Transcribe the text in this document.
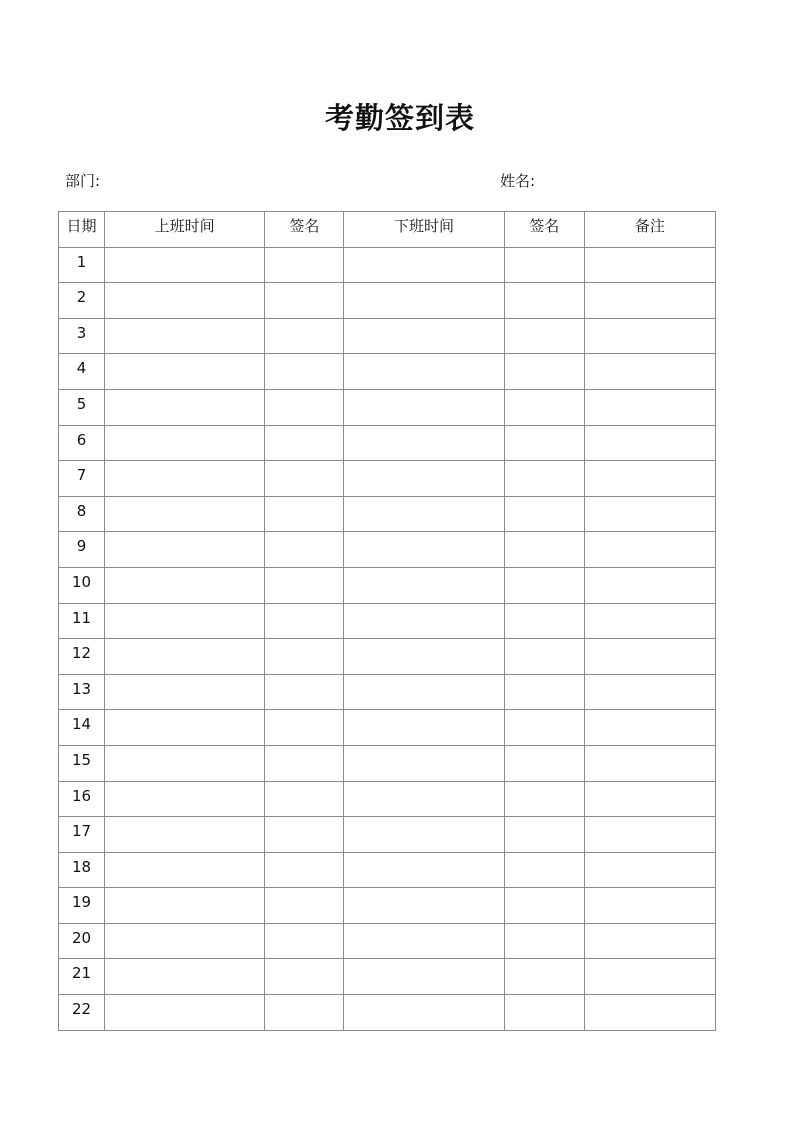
考勤签到表
部门:	姓名:
日期	上班时间	签名	下班时间	签名	备注
1					
2					
3					
4					
5					
6					
7					
8					
9					
10					
11					
12					
13					
14					
15					
16					
17					
18					
19					
20					
21					
22					
